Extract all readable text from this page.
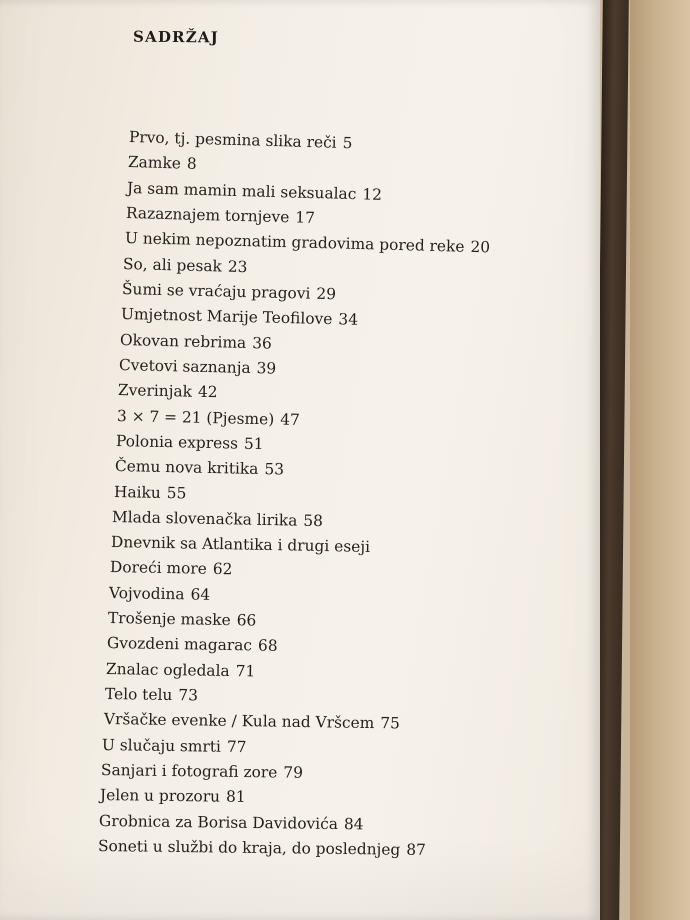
SADRŽAJ
Prvo, tj. pesmina slika reči 5
Zamke 8
Ja sam mamin mali seksualac 12
Razaznajem tornjeve 17
U nekim nepoznatim gradovima pored reke 20
So, ali pesak 23
Šumi se vraćaju pragovi 29
Umjetnost Marije Teofilove 34
Okovan rebrima 36
Cvetovi saznanja 39
Zverinjak 42
3 × 7 = 21 (Pjesme) 47
Polonia express 51
Čemu nova kritika 53
Haiku 55
Mlada slovenačka lirika 58
Dnevnik sa Atlantika i drugi eseji
Doreći more 62
Vojvodina 64
Trošenje maske 66
Gvozdeni magarac 68
Znalac ogledala 71
Telo telu 73
Vršačke evenke / Kula nad Vršcem 75
U slučaju smrti 77
Sanjari i fotografi zore 79
Jelen u prozoru 81
Grobnica za Borisa Davidovića 84
Soneti u službi do kraja, do poslednjeg 87
